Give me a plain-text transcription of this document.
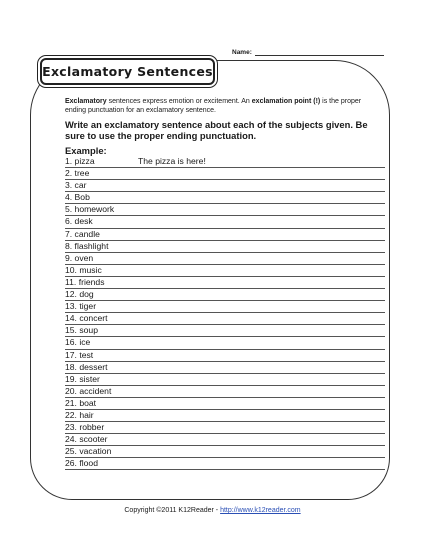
Name:
Exclamatory Sentences
Exclamatory sentences express emotion or excitement. An exclamation point (!) is the proper ending punctuation for an exclamatory sentence.
Write an exclamatory sentence about each of the subjects given. Be sure to use the proper ending punctuation.
Example:
1. pizza	The pizza is here!
2. tree
3. car
4. Bob
5. homework
6. desk
7. candle
8. flashlight
9. oven
10. music
11. friends
12. dog
13. tiger
14. concert
15. soup
16. ice
17. test
18. dessert
19. sister
20. accident
21. boat
22. hair
23. robber
24. scooter
25. vacation
26. flood
Copyright ©2011 K12Reader - http://www.k12reader.com
